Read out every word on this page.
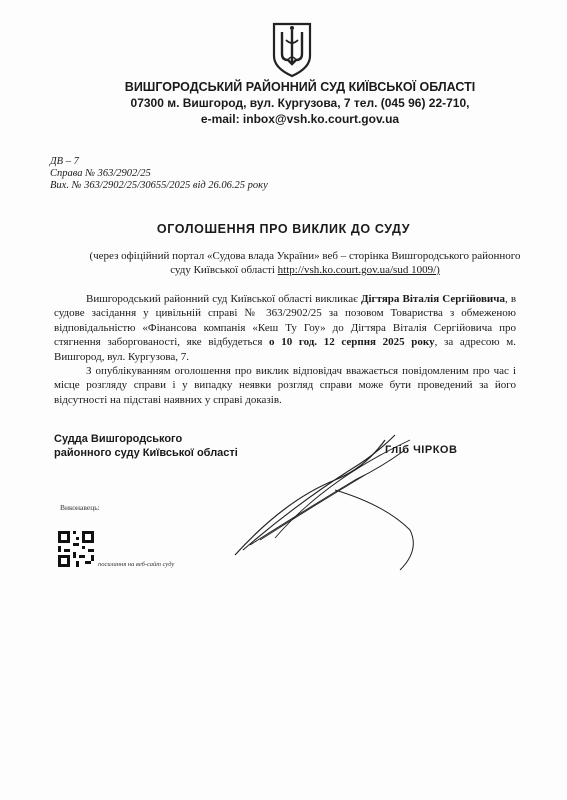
ВИШГОРОДСЬКИЙ РАЙОННИЙ СУД КИЇВСЬКОЇ ОБЛАСТІ
07300 м. Вишгород, вул. Кургузова, 7 тел. (045 96) 22-710,
e-mail: inbox@vsh.ko.court.gov.ua
ДВ – 7
Справа № 363/2902/25
Вих. № 363/2902/25/30655/2025 від 26.06.25 року
ОГОЛОШЕННЯ ПРО ВИКЛИК ДО СУДУ
(через офіційний портал «Судова влада України» веб – сторінка Вишгородського районного
суду Київської області http://vsh.ko.court.gov.ua/sud 1009/)
Вишгородський районний суд Київської області викликає Дігтяра Віталія Сергійовича, в судове засідання у цивільній справі № 363/2902/25 за позовом Товариства з обмеженою відповідальністю «Фінансова компанія «Кеш Ту Гоу» до Дігтяра Віталія Сергійовича про стягнення заборгованості, яке відбудеться о 10 год. 12 серпня 2025 року, за адресою м. Вишгород, вул. Кургузова, 7.
З опублікуванням оголошення про виклик відповідач вважається повідомленим про час і місце розгляду справи і у випадку неявки розгляд справи може бути проведений за його відсутності на підставі наявних у справі доказів.
Судда Вишгородського
районного суду Київської області	Гліб ЧІРКОВ
Виконавець:
посилання на веб-сайт суду
